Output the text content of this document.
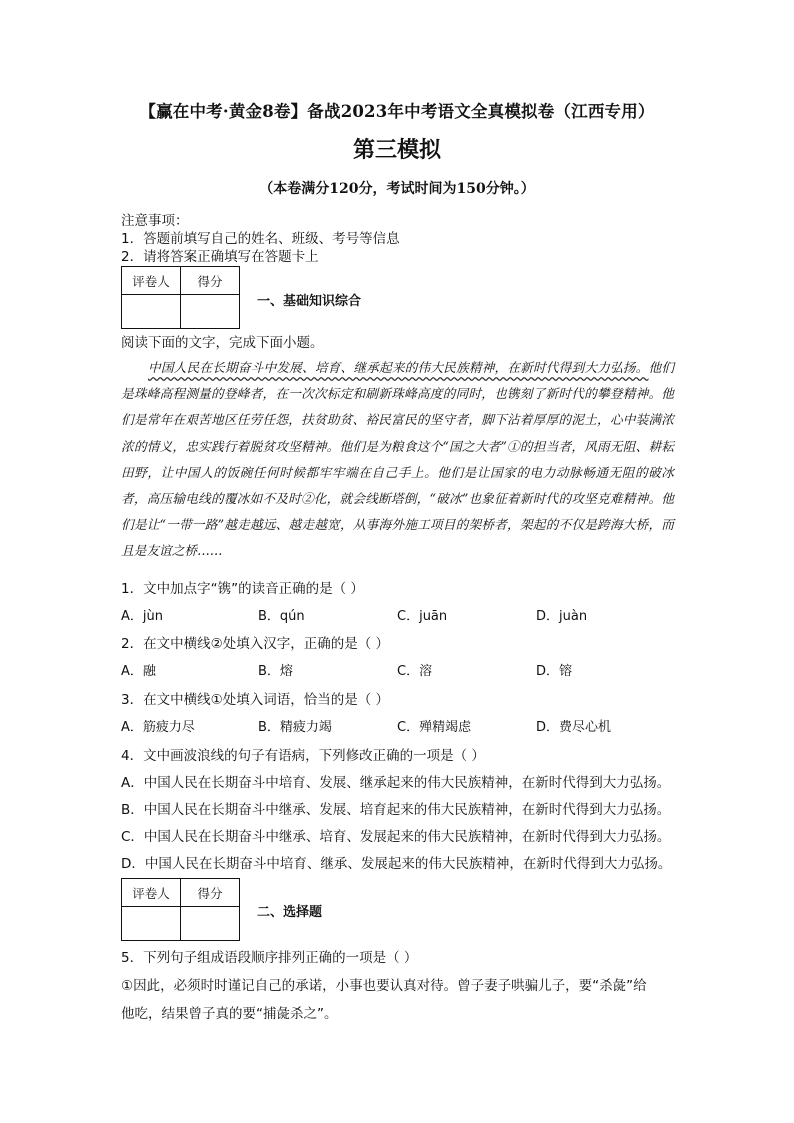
【赢在中考·黄金8卷】备战2023年中考语文全真模拟卷（江西专用）
第三模拟
（本卷满分120分，考试时间为150分钟。）
注意事项：
1．答题前填写自己的姓名、班级、考号等信息
2．请将答案正确填写在答题卡上
评卷人	得分

一、基础知识综合
阅读下面的文字，完成下面小题。
中国人民在长期奋斗中发展、培育、继承起来的伟大民族精神，在新时代得到大力弘扬。他们是珠峰高程测量的登峰者，在一次次标定和刷新珠峰高度的同时，也镌刻了新时代的攀登精神。他们是常年在艰苦地区任劳任怨，扶贫助贫、裕民富民的坚守者，脚下沾着厚厚的泥土，心中装满浓浓的情义，忠实践行着脱贫攻坚精神。他们是为粮食这个“国之大者”①的担当者，风雨无阻、耕耘田野，让中国人的饭碗任何时候都牢牢端在自己手上。他们是让国家的电力动脉畅通无阻的破冰者，高压输电线的覆冰如不及时②化，就会线断塔倒，“破冰”也象征着新时代的攻坚克难精神。他们是让“一带一路”越走越远、越走越宽，从事海外施工项目的架桥者，架起的不仅是跨海大桥，而且是友谊之桥……
1．文中加点字“镌”的读音正确的是（ ）
A．jùn	B．qún	C．juān	D．juàn
2．在文中横线②处填入汉字，正确的是（ ）
A．融	B．熔	C．溶	D．镕
3．在文中横线①处填入词语，恰当的是（ ）
A．筋疲力尽	B．精疲力竭	C．殚精竭虑	D．费尽心机
4．文中画波浪线的句子有语病，下列修改正确的一项是（ ）
A．中国人民在长期奋斗中培育、发展、继承起来的伟大民族精神，在新时代得到大力弘扬。
B．中国人民在长期奋斗中继承、发展、培育起来的伟大民族精神，在新时代得到大力弘扬。
C．中国人民在长期奋斗中继承、培育、发展起来的伟大民族精神，在新时代得到大力弘扬。
D．中国人民在长期奋斗中培育、继承、发展起来的伟大民族精神，在新时代得到大力弘扬。
评卷人	得分

二、选择题
5．下列句子组成语段顺序排列正确的一项是（ ）
①因此，必须时时谨记自己的承诺，小事也要认真对待。曾子妻子哄骗儿子，要“杀彘”给
他吃，结果曾子真的要“捕彘杀之”。
